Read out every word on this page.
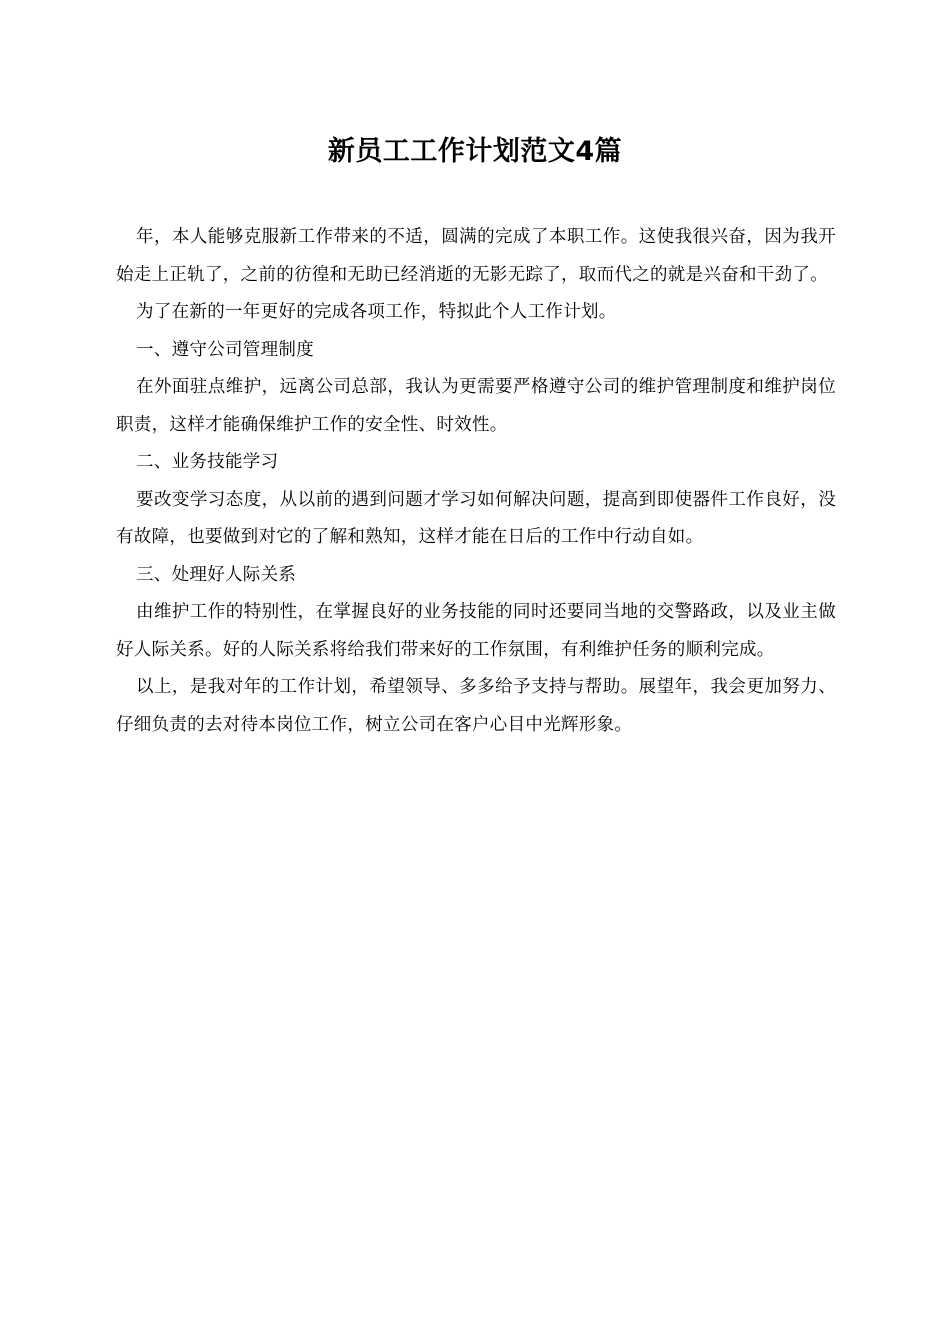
新员工工作计划范文4篇

年，本人能够克服新工作带来的不适，圆满的完成了本职工作。这使我很兴奋，因为我开始走上正轨了，之前的彷徨和无助已经消逝的无影无踪了，取而代之的就是兴奋和干劲了。

为了在新的一年更好的完成各项工作，特拟此个人工作计划。

一、遵守公司管理制度

在外面驻点维护，远离公司总部，我认为更需要严格遵守公司的维护管理制度和维护岗位职责，这样才能确保维护工作的安全性、时效性。

二、业务技能学习

要改变学习态度，从以前的遇到问题才学习如何解决问题，提高到即使器件工作良好，没有故障，也要做到对它的了解和熟知，这样才能在日后的工作中行动自如。

三、处理好人际关系

由维护工作的特别性，在掌握良好的业务技能的同时还要同当地的交警路政，以及业主做好人际关系。好的人际关系将给我们带来好的工作氛围，有利维护任务的顺利完成。

以上，是我对年的工作计划，希望领导、多多给予支持与帮助。展望年，我会更加努力、仔细负责的去对待本岗位工作，树立公司在客户心目中光辉形象。
